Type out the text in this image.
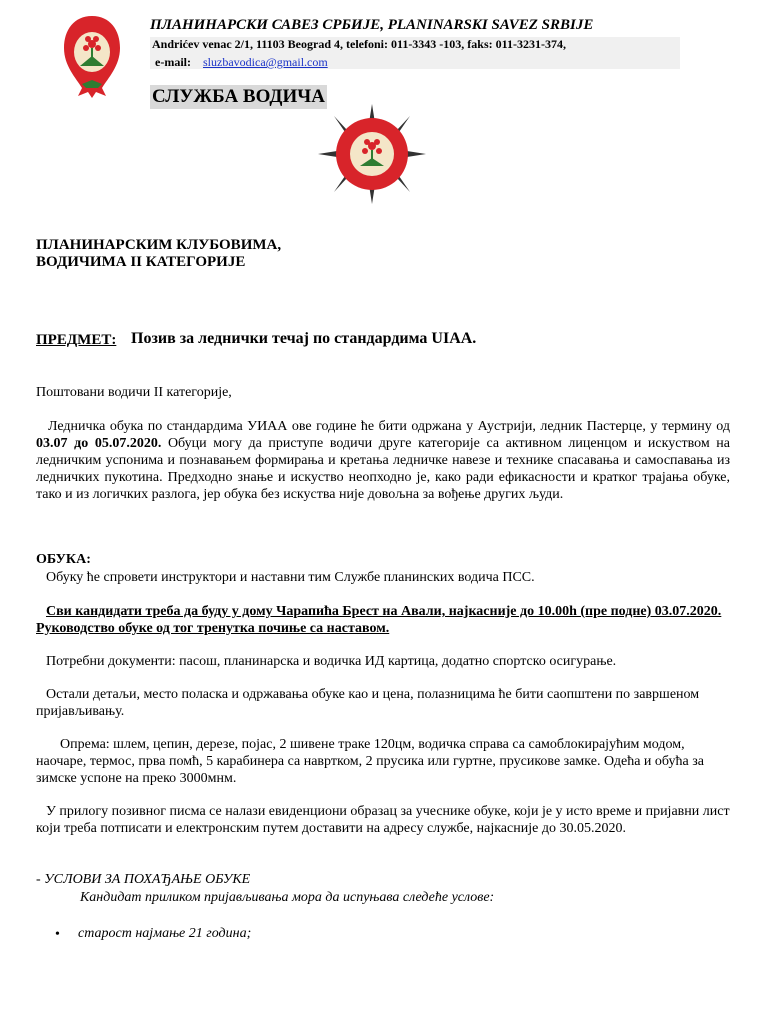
ПЛАНИНАРСКИ САВЕЗ СРБИЈЕ, PLANINARSKI SAVEZ SRBIJE
Andrićev venac 2/1, 11103 Beograd 4, telefoni: 011-3343 -103, faks: 011-3231-374,
e-mail: sluzbavodica@gmail.com
СЛУЖБА ВОДИЧА
ПЛАНИНАРСКИМ КЛУБОВИМА,
ВОДИЧИМА II КАТЕГОРИЈЕ
ПРЕДМЕТ: Позив за леднички течај по стандардима UIAA.
Поштовани водичи II категорије,
Ледничка обука по стандардима УИАА ове године ће бити одржана у Аустрији, ледник Пастерце, у термину од 03.07 до 05.07.2020. Обуци могу да приступе водичи друге категорије са активном лиценцом и искуством на ледничким успонима и познавањем формирања и кретања ледничке навезе и технике спасавања и самоспавања из ледничких пукотина. Предходно знање и искуство неопходно је, како ради ефикасности и кратког трајања обуке, тако и из логичких разлога, јер обука без искуства није довољна за вођење других људи.
ОБУКА:
Обуку ће спровети инструктори и наставни тим Службе планинских водича ПСС.
Сви кандидати треба да буду у дому Чарапића Брест на Авали, најкасније до 10.00h (пре подне) 03.07.2020. Руководство обуке од тог тренутка почиње са наставом.
Потребни документи: пасош, планинарска и водичка ИД картица, додатно спортско осигурање.
Остали детаљи, место поласка и одржавања обуке као и цена, полазницима ће бити саопштени по завршеном пријављивању.
Опрема: шлем, цепин, дерезе, појас, 2 шивене траке 120цм, водичка справа са самоблокирајућим модом, наочаре, термос, прва помћ, 5 карабинера са навртком, 2 прусика или гуртне, прусикове замке. Одећа и обућа за зимске успоне на преко 3000мнм.
У прилогу позивног писма се налази евиденциони образац за учеснике обуке, који је у исто време и пријавни лист који треба потписати и електронским путем доставити на адресу службе, најкасније до 30.05.2020.
- УСЛОВИ ЗА ПОХАЂАЊЕ ОБУКЕ
Кандидат приликом пријављивања мора да испуњава следеће услове:
• старост најмање 21 година;
